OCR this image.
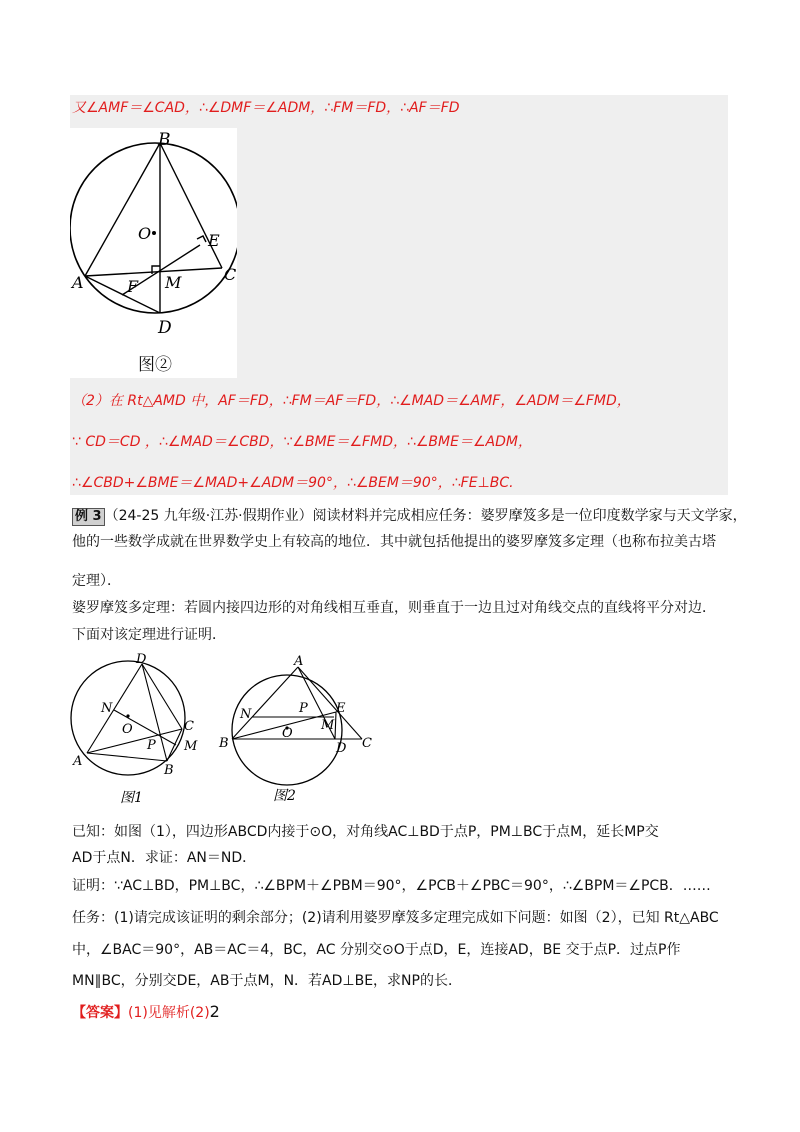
又∠AMF＝∠CAD，∴∠DMF＝∠ADM，∴FM＝FD，∴AF＝FD
B
O	E
A	C
F M
D
图②
（2）在 Rt△AMD 中，AF＝FD，∴FM＝AF＝FD，∴∠MAD＝∠AMF，∠ADM＝∠FMD，
∵ CD＝CD ，∴∠MAD＝∠CBD，∵∠BME＝∠FMD，∴∠BME＝∠ADM，
∴∠CBD+∠BME＝∠MAD+∠ADM＝90°，∴∠BEM＝90°，∴FE⊥BC.
例 3 （24-25 九年级·江苏·假期作业）阅读材料并完成相应任务：婆罗摩笈多是一位印度数学家与天文学家，
他的一些数学成就在世界数学史上有较高的地位．其中就包括他提出的婆罗摩笈多定理（也称布拉美古塔
定理）．
婆罗摩笈多定理：若圆内接四边形的对角线相互垂直，则垂直于一边且过对角线交点的直线将平分对边．
下面对该定理进行证明．
D
N
O	C
P M
A
B
A
N	P E
M
B
O
D C
图1	图2
已知：如图（1），四边形ABCD内接于⊙O，对角线AC⊥BD于点P，PM⊥BC于点M，延长MP交
AD于点N．求证：AN＝ND．
证明：∵AC⊥BD，PM⊥BC，∴∠BPM＋∠PBM＝90°，∠PCB＋∠PBC＝90°，∴∠BPM＝∠PCB．……
任务：(1)请完成该证明的剩余部分；(2)请利用婆罗摩笈多定理完成如下问题：如图（2），已知 Rt△ABC
中，∠BAC＝90°，AB＝AC＝4，BC，AC 分别交⊙O于点D，E，连接AD，BE 交于点P．过点P作
MN∥BC，分别交DE，AB于点M，N．若AD⊥BE，求NP的长．
【答案】(1)见解析(2)2
